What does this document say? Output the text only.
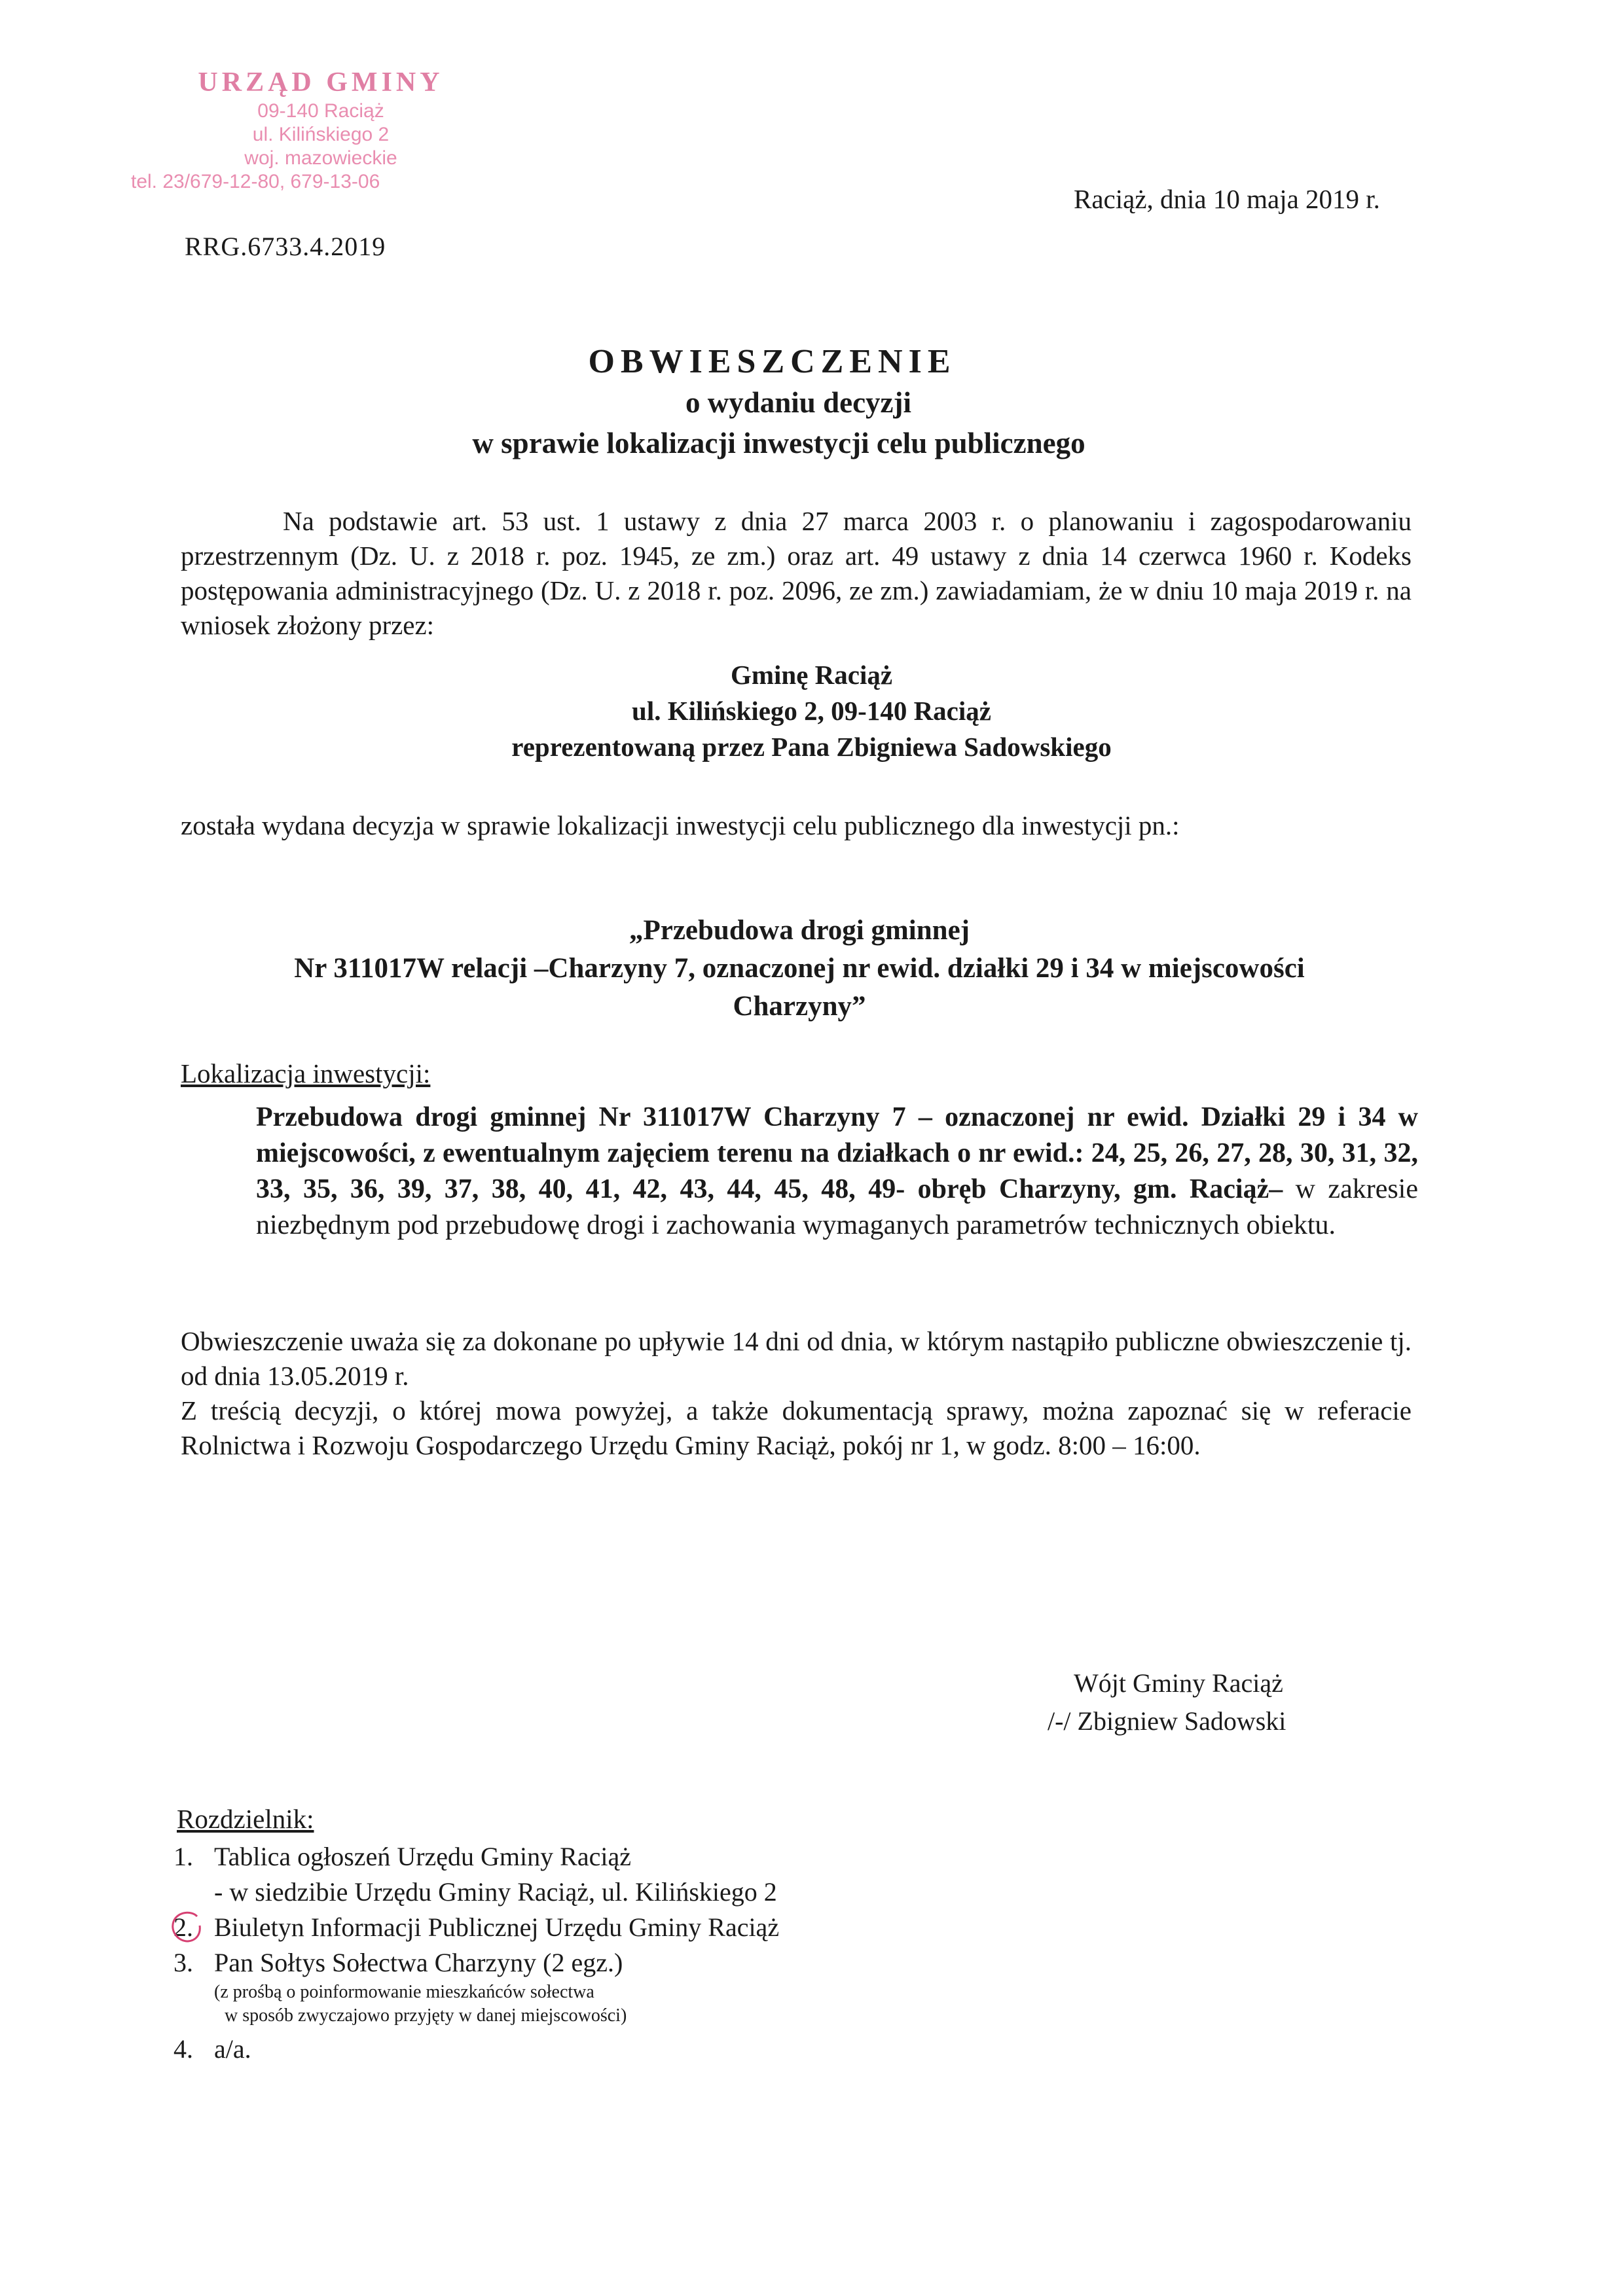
URZĄD GMINY
09-140 Raciąż
ul. Kilińskiego 2
woj. mazowieckie
tel. 23/679-12-80, 679-13-06
Raciąż, dnia 10 maja 2019 r.
RRG.6733.4.2019
OBWIESZCZENIE
o wydaniu decyzji
w sprawie lokalizacji inwestycji celu publicznego
Na podstawie art. 53 ust. 1 ustawy z dnia 27 marca 2003 r. o planowaniu i zagospodarowaniu przestrzennym (Dz. U. z 2018 r. poz. 1945, ze zm.) oraz art. 49 ustawy z dnia 14 czerwca 1960 r. Kodeks postępowania administracyjnego (Dz. U. z 2018 r. poz. 2096, ze zm.) zawiadamiam, że w dniu 10 maja 2019 r. na wniosek złożony przez:
Gminę Raciąż
ul. Kilińskiego 2, 09-140 Raciąż
reprezentowaną przez Pana Zbigniewa Sadowskiego
została wydana decyzja w sprawie lokalizacji inwestycji celu publicznego dla inwestycji pn.:
„Przebudowa drogi gminnej
Nr 311017W relacji –Charzyny 7, oznaczonej nr ewid. działki 29 i 34 w miejscowości
Charzyny”
Lokalizacja inwestycji:
Przebudowa drogi gminnej Nr 311017W Charzyny 7 – oznaczonej nr ewid. Działki 29 i 34 w miejscowości, z ewentualnym zajęciem terenu na działkach o nr ewid.: 24, 25, 26, 27, 28, 30, 31, 32, 33, 35, 36, 39, 37, 38, 40, 41, 42, 43, 44, 45, 48, 49- obręb Charzyny, gm. Raciąż– w zakresie niezbędnym pod przebudowę drogi i zachowania wymaganych parametrów technicznych obiektu.
Obwieszczenie uważa się za dokonane po upływie 14 dni od dnia, w którym nastąpiło publiczne obwieszczenie tj. od dnia 13.05.2019 r.
Z treścią decyzji, o której mowa powyżej, a także dokumentacją sprawy, można zapoznać się w referacie Rolnictwa i Rozwoju Gospodarczego Urzędu Gminy Raciąż, pokój nr 1, w godz. 8:00 – 16:00.
Wójt Gminy Raciąż
/-/ Zbigniew Sadowski
Rozdzielnik:
1. Tablica ogłoszeń Urzędu Gminy Raciąż
- w siedzibie Urzędu Gminy Raciąż, ul. Kilińskiego 2
2. Biuletyn Informacji Publicznej Urzędu Gminy Raciąż
3. Pan Sołtys Sołectwa Charzyny (2 egz.)
(z prośbą o poinformowanie mieszkańców sołectwa
w sposób zwyczajowo przyjęty w danej miejscowości)
4. a/a.
